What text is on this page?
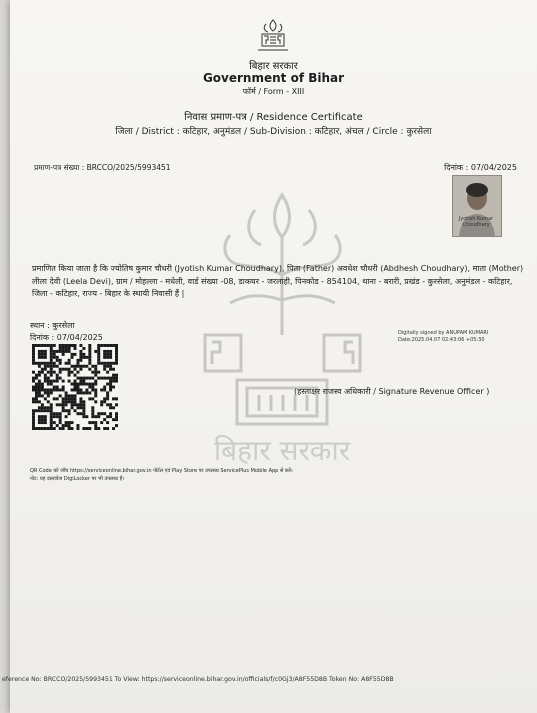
बिहार सरकार
Government of Bihar
फॉर्म / Form - XIII
निवास प्रमाण-पत्र / Residence Certificate
जिला / District : कटिहार, अनुमंडल / Sub-Division : कटिहार, अंचल / Circle : कुरसेला
प्रमाण-पत्र संख्या : BRCCO/2025/5993451	दिनांक : 07/04/2025
Jyotish Kumar Choudhary
बिहार सरकार
प्रमाणित किया जाता है कि ज्योतिष कुमार चौधरी (Jyotish Kumar Choudhary), पिता (Father) अवधेश चौधरी (Abdhesh Choudhary), माता (Mother) लीला देवी (Leela Devi), ग्राम / मोहल्ला - मधेली, वार्ड संख्या -08, डाकघर - जरलाही, पिनकोड - 854104, थाना - बरारी, प्रखंड - कुरसेला, अनुमंडल - कटिहार, जिला - कटिहार, राज्य - बिहार के स्थायी निवासी हैं |
स्थान : कुरसेला
दिनांक : 07/04/2025	Digitally signed by ANUPAM KUMARI
Date:2025.04.07 02:43:06 +05:30
(हस्ताक्षर राजस्व अधिकारी / Signature Revenue Officer )
QR Code को जाँच https://serviceonline.bihar.gov.in पोर्टल एवं Play Store पर उपलब्ध ServicePlus Mobile App से करें।
नोट: यह दस्तावेज DigiLocker पर भी उपलब्ध है।
eference No: BRCCO/2025/5993451 To View: https://serviceonline.bihar.gov.in/officials/f/c0Gj3/A8F55D8B Token No: A8F55D8B
